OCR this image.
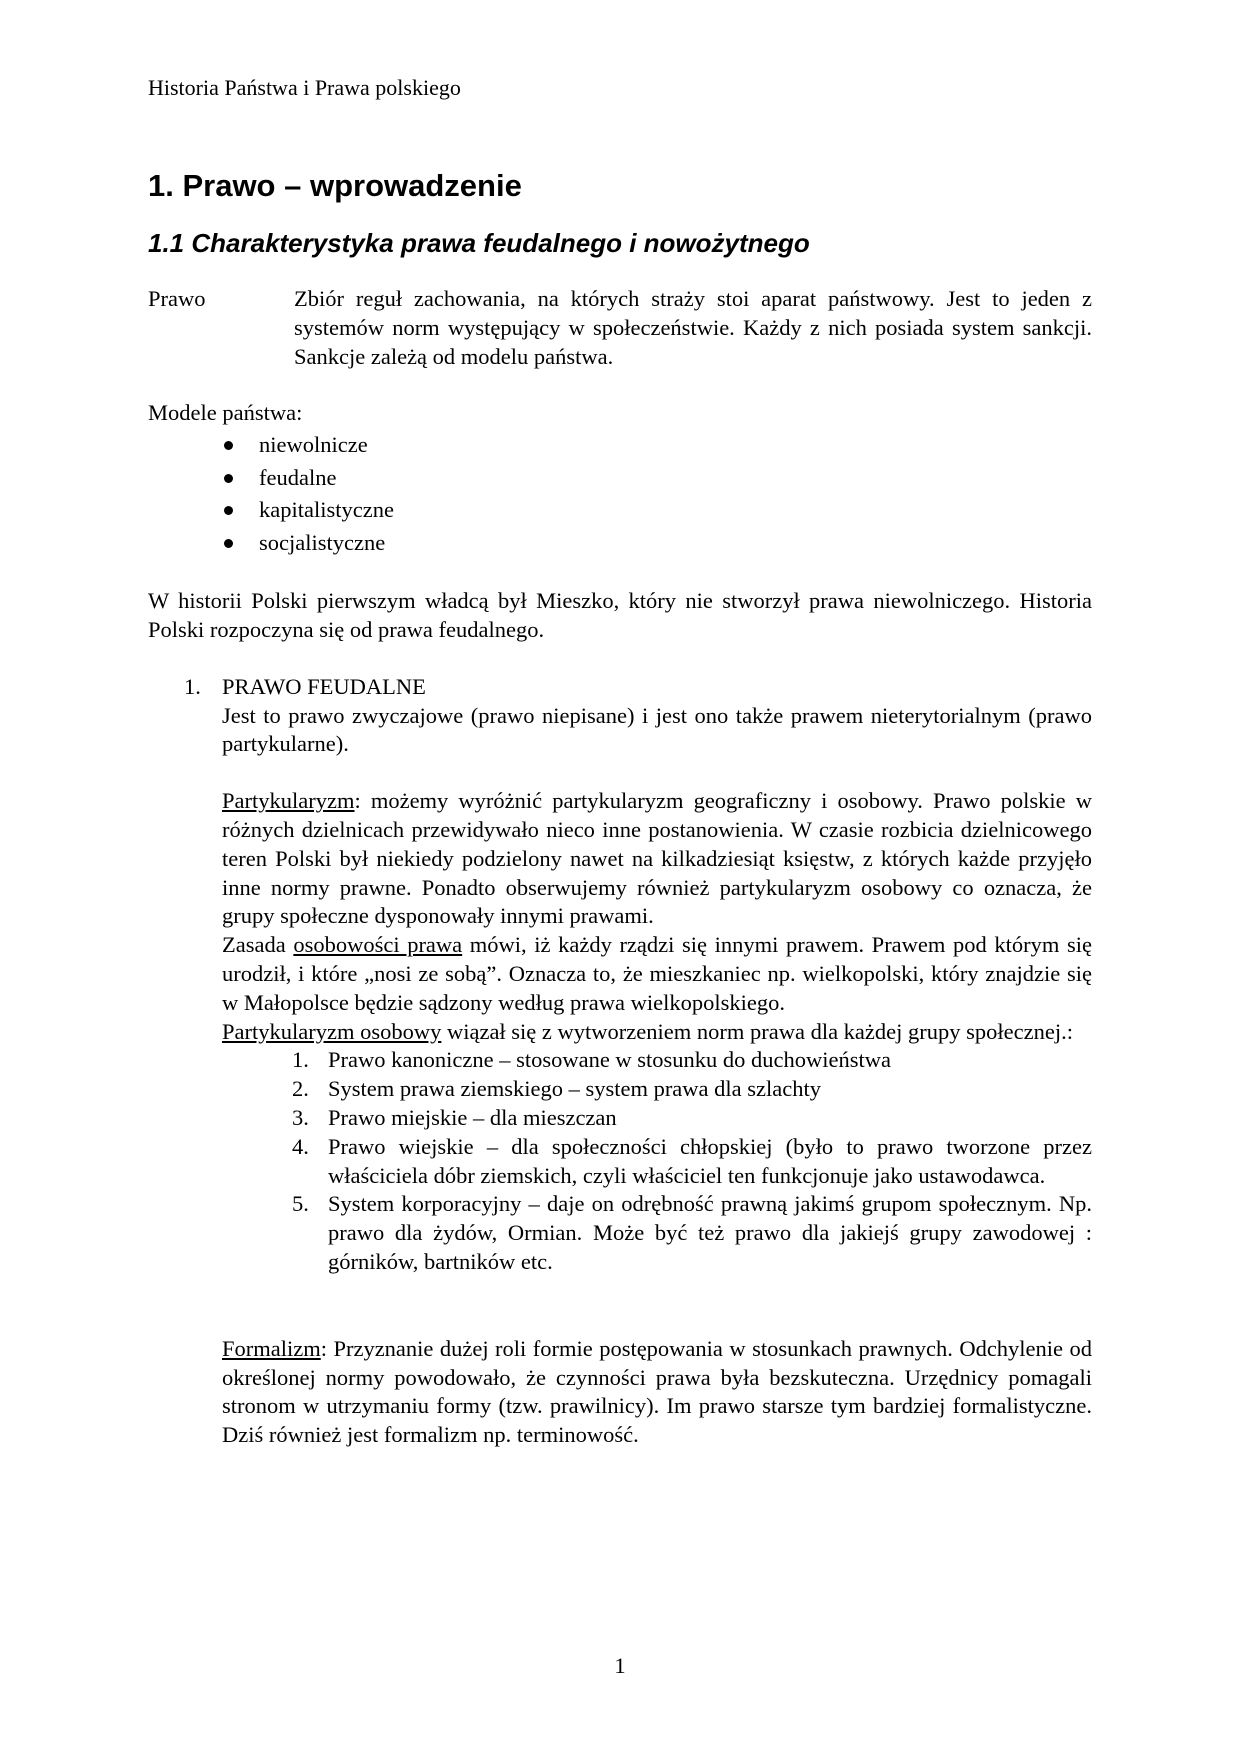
Historia Państwa i Prawa polskiego
1. Prawo – wprowadzenie
1.1 Charakterystyka prawa feudalnego i nowożytnego
Prawo	Zbiór reguł zachowania, na których straży stoi aparat państwowy. Jest to jeden z systemów norm występujący w społeczeństwie. Każdy z nich posiada system sankcji. Sankcje zależą od modelu państwa.
Modele państwa:
niewolnicze
feudalne
kapitalistyczne
socjalistyczne
W historii Polski pierwszym władcą był Mieszko, który nie stworzył prawa niewolniczego. Historia Polski rozpoczyna się od prawa feudalnego.
1. PRAWO FEUDALNE
Jest to prawo zwyczajowe (prawo niepisane) i jest ono także prawem nieterytorialnym (prawo partykularne).
Partykularyzm: możemy wyróżnić partykularyzm geograficzny i osobowy. Prawo polskie w różnych dzielnicach przewidywało nieco inne postanowienia. W czasie rozbicia dzielnicowego teren Polski był niekiedy podzielony nawet na kilkadziesiąt księstw, z których każde przyjęło inne normy prawne. Ponadto obserwujemy również partykularyzm osobowy co oznacza, że grupy społeczne dysponowały innymi prawami.
Zasada osobowości prawa mówi, iż każdy rządzi się innymi prawem. Prawem pod którym się urodził, i które „nosi ze sobą”. Oznacza to, że mieszkaniec np. wielkopolski, który znajdzie się w Małopolsce będzie sądzony według prawa wielkopolskiego.
Partykularyzm osobowy wiązał się z wytworzeniem norm prawa dla każdej grupy społecznej.:
1. Prawo kanoniczne – stosowane w stosunku do duchowieństwa
2. System prawa ziemskiego – system prawa dla szlachty
3. Prawo miejskie – dla mieszczan
4. Prawo wiejskie – dla społeczności chłopskiej (było to prawo tworzone przez właściciela dóbr ziemskich, czyli właściciel ten funkcjonuje jako ustawodawca.
5. System korporacyjny – daje on odrębność prawną jakimś grupom społecznym. Np. prawo dla żydów, Ormian. Może być też prawo dla jakiejś grupy zawodowej : górników, bartników etc.
Formalizm: Przyznanie dużej roli formie postępowania w stosunkach prawnych. Odchylenie od określonej normy powodowało, że czynności prawa była bezskuteczna. Urzędnicy pomagali stronom w utrzymaniu formy (tzw. prawilnicy). Im prawo starsze tym bardziej formalistyczne. Dziś również jest formalizm np. terminowość.
1
